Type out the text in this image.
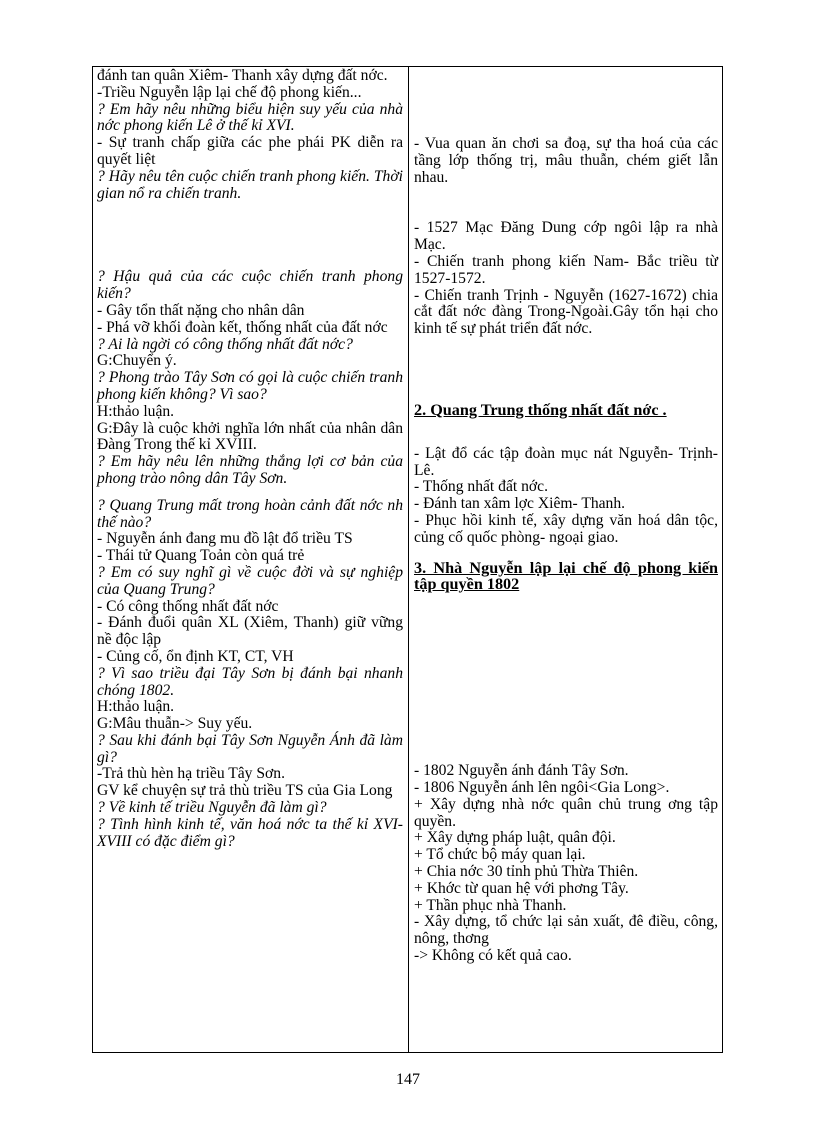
đánh tan quân Xiêm- Thanh xây dựng đất nớc.

-Triều Nguyễn lập lại chế độ phong kiến...

? Em hãy nêu những biểu hiện suy yếu của nhà nớc phong kiến Lê ở thế kỉ XVI.

- Sự tranh chấp giữa các phe phái PK diễn ra quyết liệt

? Hãy nêu tên cuộc chiến tranh phong kiến. Thời gian nổ ra chiến tranh.

? Hậu quả của các cuộc chiến tranh phong kiến?

- Gây tổn thất nặng cho nhân dân

- Phá vỡ khối đoàn kết, thống nhất của đất nớc

? Ai là ngời có công thống nhất đất nớc?

G:Chuyển ý.

? Phong trào Tây Sơn có gọi là cuộc chiến tranh phong kiến không? Vì sao?

H:thảo luận.

G:Đây là cuộc khởi nghĩa lớn nhất của nhân dân Đàng Trong thế kỉ XVIII.

? Em hãy nêu lên những thắng lợi cơ bản của phong trào nông dân Tây Sơn.

? Quang Trung mất trong hoàn cảnh đất nớc nh thế nào?

- Nguyễn ánh đang mu đồ lật đổ triều TS

- Thái tử Quang Toản còn quá trẻ

? Em có suy nghĩ gì về cuộc đời và sự nghiệp của Quang Trung?

- Có công thống nhất đất nớc

- Đánh đuổi quân XL (Xiêm, Thanh) giữ vững nề độc lập

- Củng cố, ổn định KT, CT, VH

? Vì sao triều đại Tây Sơn bị đánh bại nhanh chóng 1802.

H:thảo luận.

G:Mâu thuẫn-> Suy yếu.

? Sau khi đánh bại Tây Sơn Nguyễn Ánh đã làm gì?

-Trả thù hèn hạ triều Tây Sơn.

GV kể chuyện sự trả thù triều TS của Gia Long

? Về kinh tế triều Nguyễn đã làm gì?

? Tình hình kinh tế, văn hoá nớc ta thế kỉ XVI- XVIII có đặc điểm gì?

- Vua quan ăn chơi sa đoạ, sự tha hoá của các tầng lớp thống trị, mâu thuẫn, chém giết lẫn nhau.

- 1527 Mạc Đăng Dung cớp ngôi lập ra nhà Mạc.

- Chiến tranh phong kiến Nam- Bắc triều từ 1527-1572.

- Chiến tranh Trịnh - Nguyễn (1627-1672) chia cắt đất nớc đàng Trong-Ngoài.Gây tổn hại cho kinh tế sự phát triển đất nớc.

2. Quang Trung thống nhất đất nớc .

- Lật đổ các tập đoàn mục nát Nguyễn- Trịnh- Lê.

- Thống nhất đất nớc.

- Đánh tan xâm lợc Xiêm- Thanh.

- Phục hồi kinh tế, xây dựng văn hoá dân tộc, củng cố quốc phòng- ngoại giao.

3. Nhà Nguyễn lập lại chế độ phong kiến tập quyền 1802

- 1802 Nguyễn ánh đánh Tây Sơn.

- 1806 Nguyễn ánh lên ngôi<Gia Long>.

+ Xây dựng nhà nớc quân chủ trung ơng tập quyền.

+ Xây dựng pháp luật, quân đội.

+ Tổ chức bộ máy quan lại.

+ Chia nớc 30 tỉnh phủ Thừa Thiên.

+ Khớc từ quan hệ với phơng Tây.

+ Thần phục nhà Thanh.

- Xây dựng, tổ chức lại sản xuất, đê điều, công, nông, thơng

-> Không có kết quả cao.

147
